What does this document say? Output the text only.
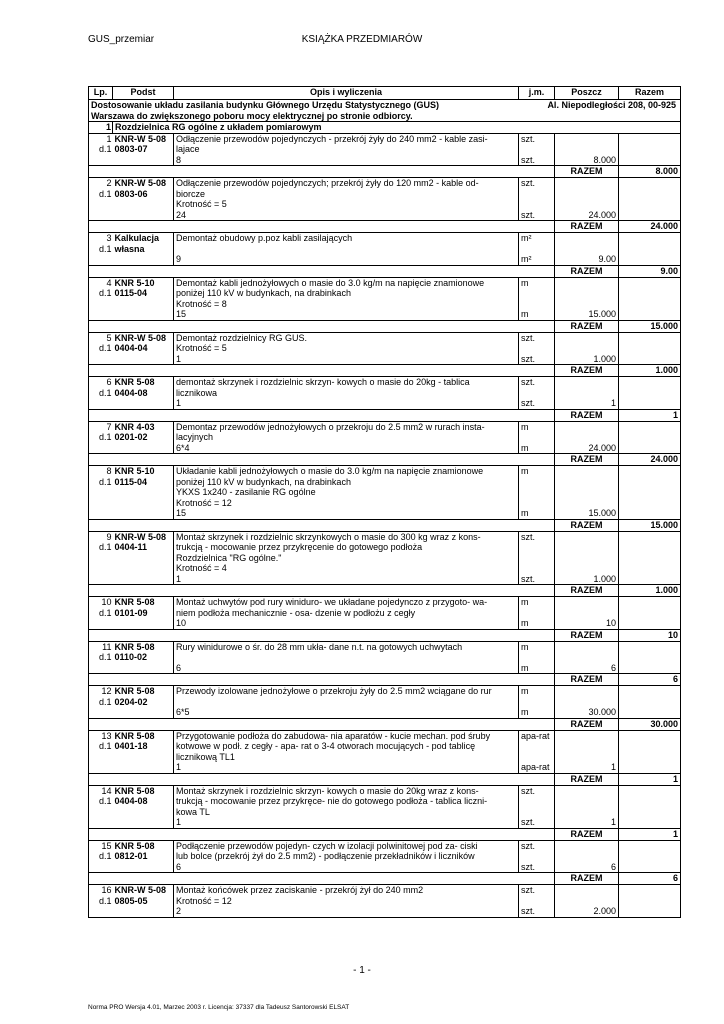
GUS_przemiar	KSIĄŻKA PRZEDMIARÓW
Lp.	Podst	Opis i wyliczenia	j.m.	Poszcz	Razem
Dostosowanie układu zasilania budynku Głównego Urzędu Statystycznego (GUS) Al. Niepodległości 208, 00-925

Warszawa do zwiększonego poboru mocy elektrycznej po stronie odbiorcy.					
1	Rozdzielnica RG ogólne z układem pomiarowym				
1	KNR-W 5-08	Odłączenie przewodów pojedynczych - przekrój żyły do 240 mm2 - kable zasi-	szt.		
d.1	0803-07	lajace			
		8	szt.	8.000	
				RAZEM	8.000
2	KNR-W 5-08	Odłączenie przewodów pojedynczych; przekrój żyły do 120 mm2 - kable od-	szt.		
d.1	0803-06	biorcze			
		Krotność = 5			
		24	szt.	24.000	
				RAZEM	24.000
3	Kalkulacja	Demontaż obudowy p.poz kabli zasilających	m²		
d.1	własna				
		9	m²	9.00	
				RAZEM	9.00
4	KNR 5-10	Demontaż kabli jednożyłowych o masie do 3.0 kg/m na napięcie znamionowe	m		
d.1	0115-04	poniżej 110 kV w budynkach, na drabinkach			
		Krotność = 8			
		15	m	15.000	
				RAZEM	15.000
5	KNR-W 5-08	Demontaż rozdzielnicy RG GUS.	szt.		
d.1	0404-04	Krotność = 5			
		1	szt.	1.000	
				RAZEM	1.000
6	KNR 5-08	demontaż skrzynek i rozdzielnic skrzyn- kowych o masie do 20kg - tablica	szt.		
d.1	0404-08	licznikowa			
		1	szt.	1	
				RAZEM	1
7	KNR 4-03	Demontaz przewodów jednożyłowych o przekroju do 2.5 mm2 w rurach insta-	m		
d.1	0201-02	lacyjnych			
		6*4	m	24.000	
				RAZEM	24.000
8	KNR 5-10	Układanie kabli jednożyłowych o masie do 3.0 kg/m na napięcie znamionowe	m		
d.1	0115-04	poniżej 110 kV w budynkach, na drabinkach			
		YKXS 1x240 - zasilanie RG ogólne			
		Krotność = 12			
		15	m	15.000	
				RAZEM	15.000
9	KNR-W 5-08	Montaż skrzynek i rozdzielnic skrzynkowych o masie do 300 kg wraz z kons-	szt.		
d.1	0404-11	trukcją - mocowanie przez przykręcenie do gotowego podłoża			
		Rozdzielnica "RG ogólne."			
		Krotność = 4			
		1	szt.	1.000	
				RAZEM	1.000
10	KNR 5-08	Montaż uchwytów pod rury winiduro- we układane pojedynczo z przygoto- wa-	m		
d.1	0101-09	niem podłoża mechanicznie - osa- dzenie w podłożu z cegły			
		10	m	10	
				RAZEM	10
11	KNR 5-08	Rury winidurowe o śr. do 28 mm ukła- dane n.t. na gotowych uchwytach	m		
d.1	0110-02				
		6	m	6	
				RAZEM	6
12	KNR 5-08	Przewody izolowane jednożyłowe o przekroju żyły do 2.5 mm2 wciągane do rur	m		
d.1	0204-02				
		6*5	m	30.000	
				RAZEM	30.000
13	KNR 5-08	Przygotowanie podłoża do zabudowa- nia aparatów - kucie mechan. pod śruby	apa-rat		
d.1	0401-18	kotwowe w podł. z cegły - apa- rat o 3-4 otworach mocujących - pod tablicę			
		licznikową TL1			
		1	apa-rat	1	
				RAZEM	1
14	KNR 5-08	Montaż skrzynek i rozdzielnic skrzyn- kowych o masie do 20kg wraz z kons-	szt.		
d.1	0404-08	trukcją - mocowanie przez przykręce- nie do gotowego podłoża - tablica liczni-			
		kowa TL			
		1	szt.	1	
				RAZEM	1
15	KNR 5-08	Podłączenie przewodów pojedyn- czych w izolacji polwinitowej pod za- ciski	szt.		
d.1	0812-01	lub bolce (przekrój żył do 2.5 mm2) - podłączenie przekładników i liczników			
		6	szt.	6	
				RAZEM	6
16	KNR-W 5-08	Montaż końcówek przez zaciskanie - przekrój żył do 240 mm2	szt.		
d.1	0805-05	Krotność = 12			
		2	szt.	2.000	

- 1 -
Norma PRO Wersja 4.01, Marzec 2003 r. Licencja: 37337 dla Tadeusz Santorowski ELSAT
